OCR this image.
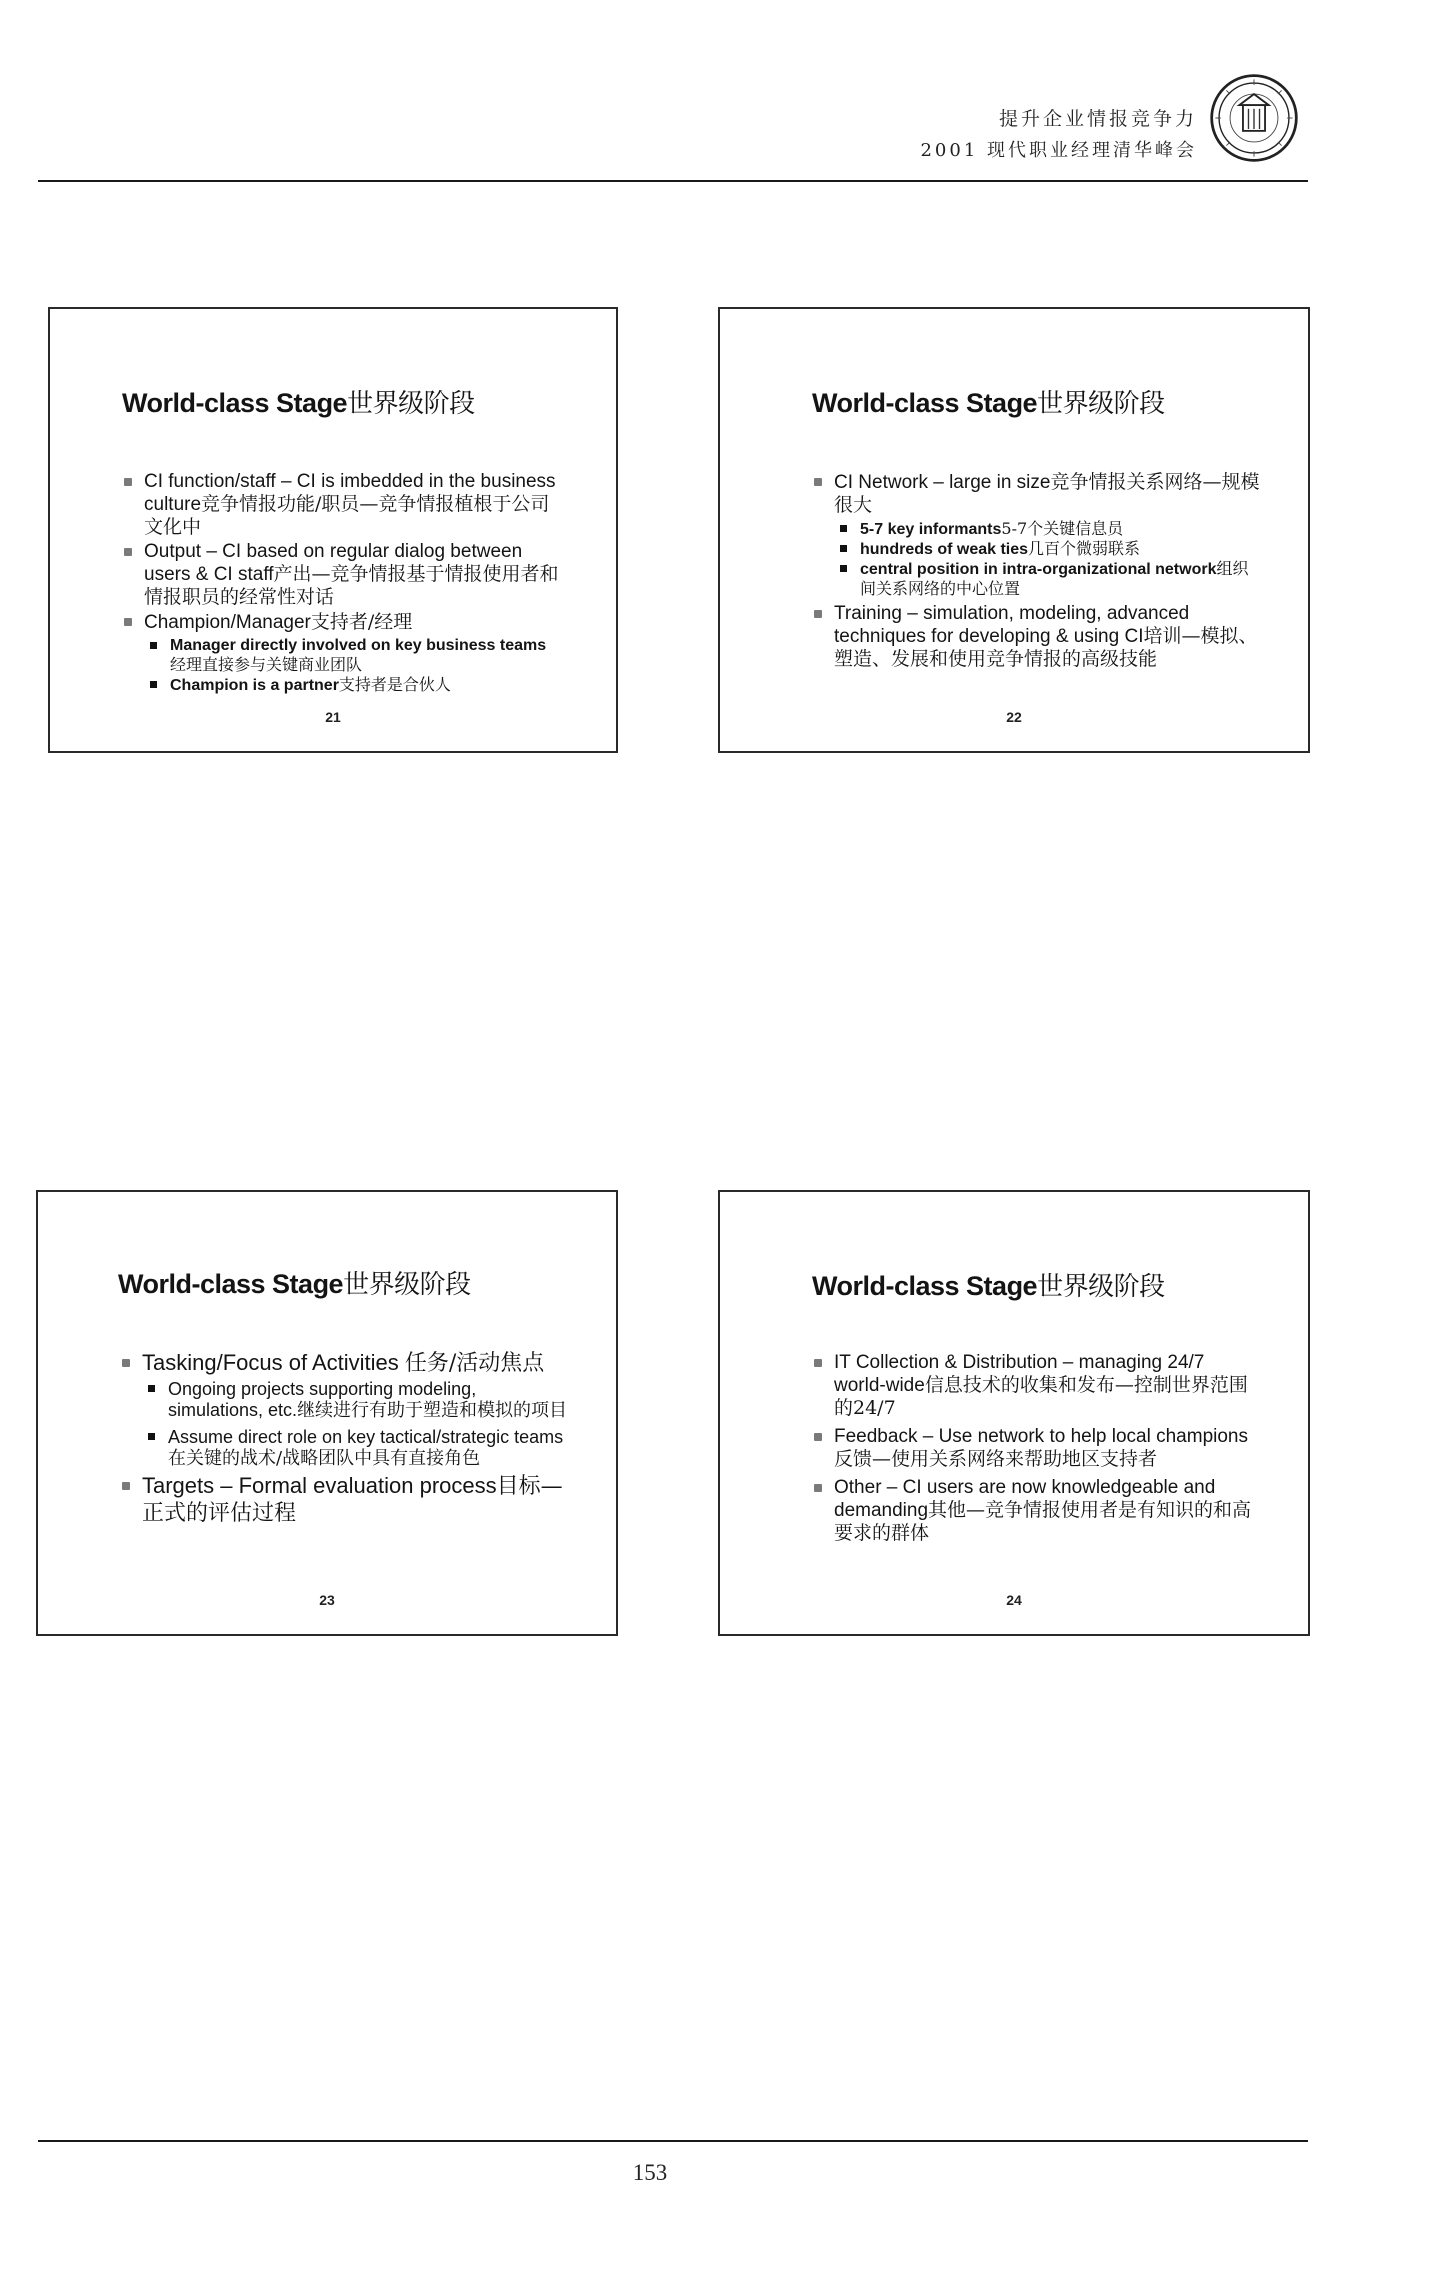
提升企业情报竞争力
2001 现代职业经理清华峰会
World-class Stage世界级阶段
CI function/staff – CI is imbedded in the business culture竞争情报功能/职员—竞争情报植根于公司文化中
Output – CI based on regular dialog between users & CI staff产出—竞争情报基于情报使用者和情报职员的经常性对话
Champion/Manager支持者/经理
Manager directly involved on key business teams经理直接参与关键商业团队
Champion is a partner支持者是合伙人
21
World-class Stage世界级阶段
CI Network – large in size竞争情报关系网络—规模很大
5-7 key informants5-7个关键信息员
hundreds of weak ties几百个微弱联系
central position in intra-organizational network组织间关系网络的中心位置
Training – simulation, modeling, advanced techniques for developing & using CI培训—模拟、塑造、发展和使用竞争情报的高级技能
22
World-class Stage世界级阶段
Tasking/Focus of Activities 任务/活动焦点
Ongoing projects supporting modeling, simulations, etc.继续进行有助于塑造和模拟的项目
Assume direct role on key tactical/strategic teams在关键的战术/战略团队中具有直接角色
Targets – Formal evaluation process目标—正式的评估过程
23
World-class Stage世界级阶段
IT Collection & Distribution – managing 24/7 world-wide信息技术的收集和发布—控制世界范围的24/7
Feedback – Use network to help local champions反馈—使用关系网络来帮助地区支持者
Other – CI users are now knowledgeable and demanding其他—竞争情报使用者是有知识的和高要求的群体
24
153
